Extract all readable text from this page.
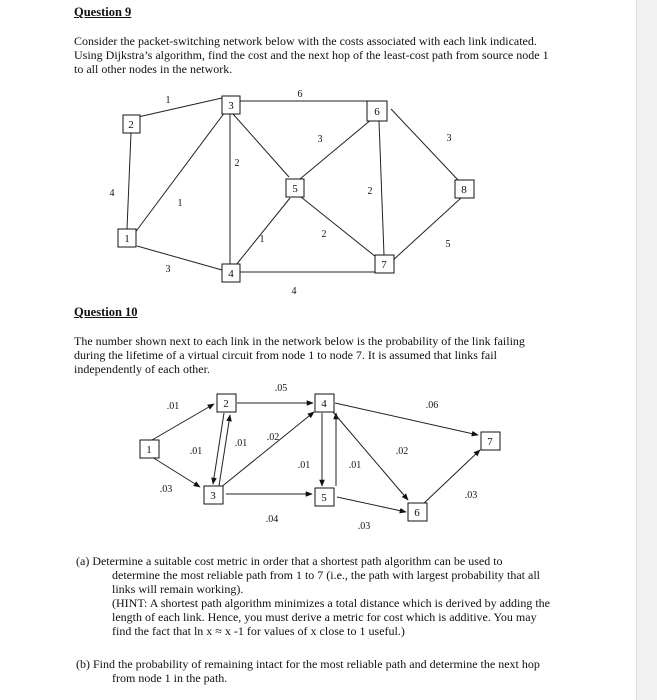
Question 9

Consider the packet-switching network below with the costs associated with each link indicated.
Using Dijkstra’s algorithm, find the cost and the next hop of the least-cost path from source node 1
to all other nodes in the network.
1
2
3
4
5
6
7
8
1
6
4
2
1
3
2
3
1	2
5
3
4

Question 10

The number shown next to each link in the network below is the probability of the link failing
during the lifetime of a virtual circuit from node 1 to node 7. It is assumed that links fail
independently of each other.
1
2
3
4
5
6
7
.01
.05
.06
.01
.01
.02
.01	.01
.02
.03
.04
.03
.03

(a) Determine a suitable cost metric in order that a shortest path algorithm can be used to

determine the most reliable path from 1 to 7 (i.e., the path with largest probability that all

links will remain working).

(HINT: A shortest path algorithm minimizes a total distance which is derived by adding the

length of each link. Hence, you must derive a metric for cost which is additive. You may

find the fact that ln x ≈ x -1 for values of x close to 1 useful.)

(b) Find the probability of remaining intact for the most reliable path and determine the next hop

from node 1 in the path.
